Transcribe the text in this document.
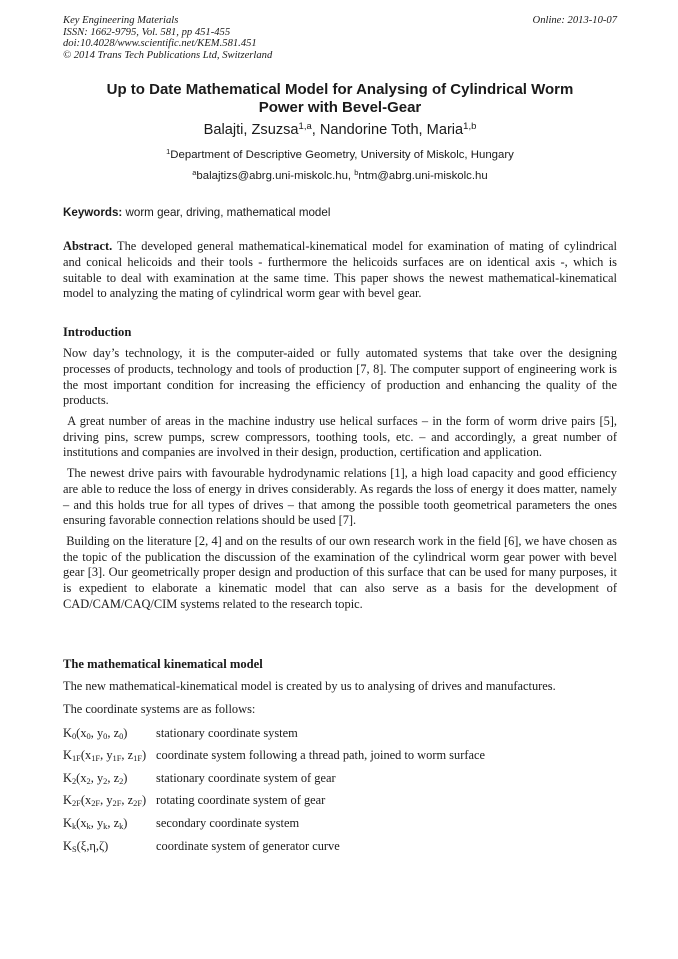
Key Engineering Materials
ISSN: 1662-9795, Vol. 581, pp 451-455
doi:10.4028/www.scientific.net/KEM.581.451
© 2014 Trans Tech Publications Ltd, Switzerland
Online: 2013-10-07
Up to Date Mathematical Model for Analysing of Cylindrical Worm
Power with Bevel-Gear
Balajti, Zsuzsa$^{1,a}$, Nandorine Toth, Maria$^{1,b}$
$^1$Department of Descriptive Geometry, University of Miskolc, Hungary
$^a$balajtizs@abrg.uni-miskolc.hu, $^b$ntm@abrg.uni-miskolc.hu
Keywords: worm gear, driving, mathematical model
Abstract. The developed general mathematical-kinematical model for examination of mating of cylindrical and conical helicoids and their tools - furthermore the helicoids surfaces are on identical axis -, which is suitable to deal with examination at the same time. This paper shows the newest mathematical-kinematical model to analyzing the mating of cylindrical worm gear with bevel gear.
Introduction

Now day’s technology, it is the computer-aided or fully automated systems that take over the designing processes of products, technology and tools of production [7, 8]. The computer support of engineering work is the most important condition for increasing the efficiency of production and enhancing the quality of the products.

A great number of areas in the machine industry use helical surfaces – in the form of worm drive pairs [5], driving pins, screw pumps, screw compressors, toothing tools, etc. – and accordingly, a great number of institutions and companies are involved in their design, production, certification and application.

The newest drive pairs with favourable hydrodynamic relations [1], a high load capacity and good efficiency are able to reduce the loss of energy in drives considerably. As regards the loss of energy it does matter, namely – and this holds true for all types of drives – that among the possible tooth geometrical parameters the ones ensuring favorable connection relations should be used [7].

Building on the literature [2, 4] and on the results of our own research work in the field [6], we have chosen as the topic of the publication the discussion of the examination of the cylindrical worm gear power with bevel gear [3]. Our geometrically proper design and production of this surface that can be used for many purposes, it is expedient to elaborate a kinematic model that can also serve as a basis for the development of CAD/CAM/CAQ/CIM systems related to the research topic.

The mathematical kinematical model

The new mathematical-kinematical model is created by us to analysing of drives and manufactures.

The coordinate systems are as follows:

$K_0(x_0$, $y_0$, $z_0$) stationary coordinate system
$K_{1F}(x_{1F}$, $y_{1F}$, $z_{1F}$) coordinate system following a thread path, joined to worm surface
$K_2(x_2$, $y_2$, $z_2$) stationary coordinate system of gear
$K_{2F}(x_{2F}$, $y_{2F}$, $z_{2F}$) rotating coordinate system of gear
$K_k(x_k$, $y_k$, $z_k$) secondary coordinate system
$K_S(\xi,\eta,\zeta)$	coordinate system of generator curve
